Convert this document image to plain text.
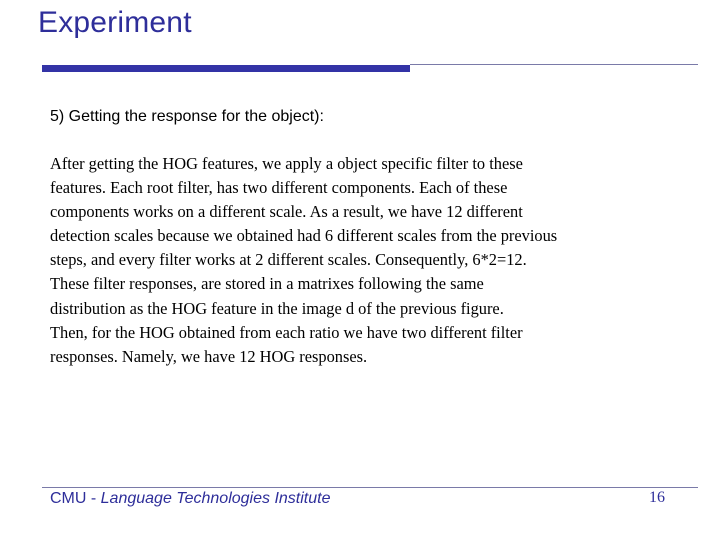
Experiment
5) Getting the response for the object):
After getting the HOG features, we apply a object specific filter to these
features. Each root filter, has two different components. Each of these
components works on a different scale. As a result, we have 12 different
detection scales because we obtained had 6 different scales from the previous
steps, and every filter works at 2 different scales. Consequently, 6*2=12.
These filter responses, are stored in a matrixes following the same
distribution as the HOG feature in the image d of the previous figure.
Then, for the HOG obtained from each ratio we have two different filter
responses. Namely, we have 12 HOG responses.
CMU - Language Technologies Institute	16
